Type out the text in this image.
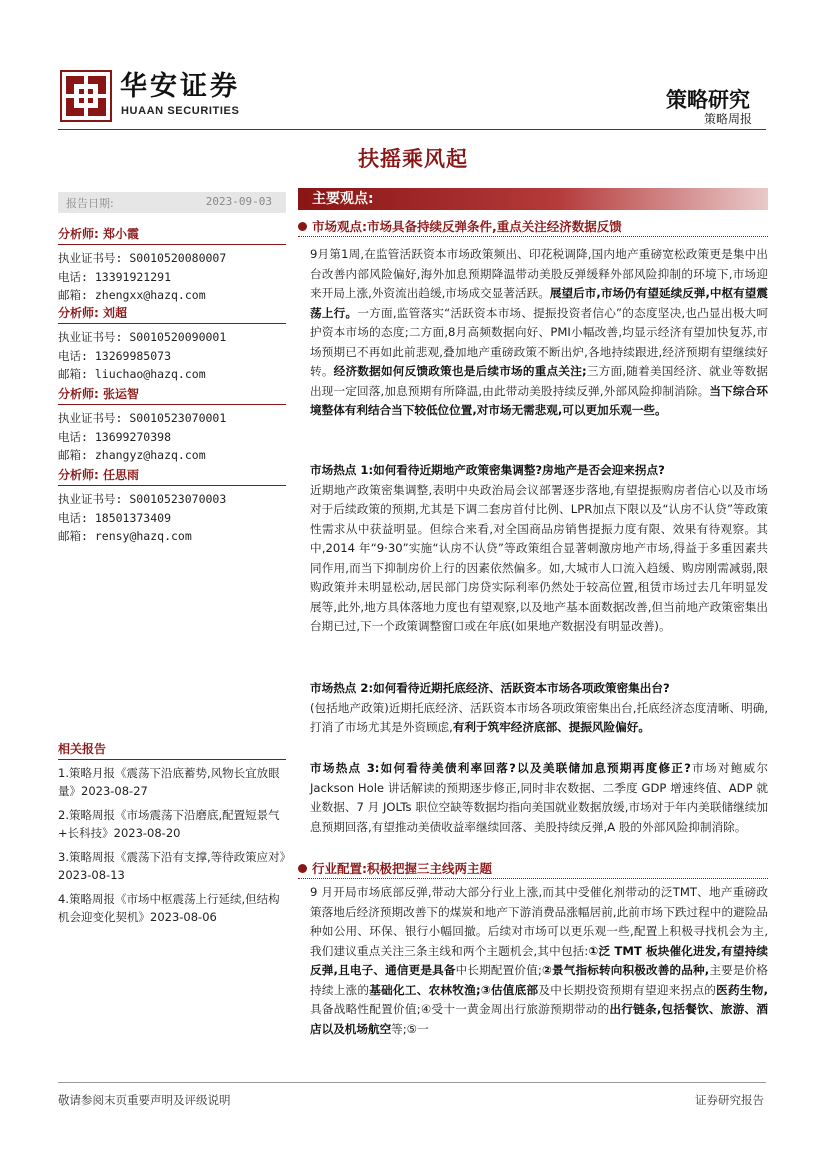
华安证券
HUAAN SECURITIES	策略研究
策略周报
扶摇乘风起
报告日期:	2023-09-03
分析师: 郑小霞
执业证书号: S0010520080007
电话: 13391921291
邮箱: zhengxx@hazq.com
分析师: 刘超
执业证书号: S0010520090001
电话: 13269985073
邮箱: liuchao@hazq.com
分析师: 张运智
执业证书号: S0010523070001
电话: 13699270398
邮箱: zhangyz@hazq.com
分析师: 任思雨
执业证书号: S0010523070003
电话: 18501373409
邮箱: rensy@hazq.com
相关报告
1.策略月报《震荡下沿底蓄势,风物长宜放眼量》2023-08-27
2.策略周报《市场震荡下沿磨底,配置短景气+长科技》2023-08-20
3.策略周报《震荡下沿有支撑,等待政策应对》2023-08-13
4.策略周报《市场中枢震荡上行延续,但结构机会迎变化契机》2023-08-06
主要观点:
市场观点:市场具备持续反弹条件,重点关注经济数据反馈
9月第1周,在监管活跃资本市场政策频出、印花税调降,国内地产重磅宽松政策更是集中出台改善内部风险偏好,海外加息预期降温带动美股反弹缓释外部风险抑制的环境下,市场迎来开局上涨,外资流出趋缓,市场成交显著活跃。展望后市,市场仍有望延续反弹,中枢有望震荡上行。一方面,监管落实“活跃资本市场、提振投资者信心”的态度坚决,也凸显出极大呵护资本市场的态度;二方面,8月高频数据向好、PMI小幅改善,均显示经济有望加快复苏,市场预期已不再如此前悲观,叠加地产重磅政策不断出炉,各地持续跟进,经济预期有望继续好转。经济数据如何反馈政策也是后续市场的重点关注;三方面,随着美国经济、就业等数据出现一定回落,加息预期有所降温,由此带动美股持续反弹,外部风险抑制消除。当下综合环境整体有利结合当下较低位位置,对市场无需悲观,可以更加乐观一些。
市场热点 1:如何看待近期地产政策密集调整?房地产是否会迎来拐点?
近期地产政策密集调整,表明中央政治局会议部署逐步落地,有望提振购房者信心以及市场对于后续政策的预期,尤其是下调二套房首付比例、LPR加点下限以及“认房不认贷”等政策性需求从中获益明显。但综合来看,对全国商品房销售提振力度有限、效果有待观察。其中,2014 年“9·30”实施“认房不认贷”等政策组合显著刺激房地产市场,得益于多重因素共同作用,而当下抑制房价上行的因素依然偏多。如,大城市人口流入趋缓、购房刚需减弱,限购政策并未明显松动,居民部门房贷实际利率仍然处于较高位置,租赁市场过去几年明显发展等,此外,地方具体落地力度也有望观察,以及地产基本面数据改善,但当前地产政策密集出台期已过,下一个政策调整窗口或在年底(如果地产数据没有明显改善)。
市场热点 2:如何看待近期托底经济、活跃资本市场各项政策密集出台?
(包括地产政策)近期托底经济、活跃资本市场各项政策密集出台,托底经济态度清晰、明确,打消了市场尤其是外资顾虑,有利于筑牢经济底部、提振风险偏好。
市场热点 3:如何看待美债利率回落?以及美联储加息预期再度修正?市场对鲍威尔 Jackson Hole 讲话解读的预期逐步修正,同时非农数据、二季度 GDP 增速终值、ADP 就业数据、7 月 JOLTs 职位空缺等数据均指向美国就业数据放缓,市场对于年内美联储继续加息预期回落,有望推动美债收益率继续回落、美股持续反弹,A 股的外部风险抑制消除。
行业配置:积极把握三主线两主题
9 月开局市场底部反弹,带动大部分行业上涨,而其中受催化剂带动的泛TMT、地产重磅政策落地后经济预期改善下的煤炭和地产下游消费品涨幅居前,此前市场下跌过程中的避险品种如公用、环保、银行小幅回撤。后续对市场可以更乐观一些,配置上积极寻找机会为主,我们建议重点关注三条主线和两个主题机会,其中包括:①泛 TMT 板块催化进发,有望持续反弹,且电子、通信更是具备中长期配置价值;②景气指标转向积极改善的品种,主要是价格持续上涨的基础化工、农林牧渔;③估值底部及中长期投资预期有望迎来拐点的医药生物,具备战略性配置价值;④受十一黄金周出行旅游预期带动的出行链条,包括餐饮、旅游、酒店以及机场航空等;⑤一
敬请参阅末页重要声明及评级说明	证券研究报告
